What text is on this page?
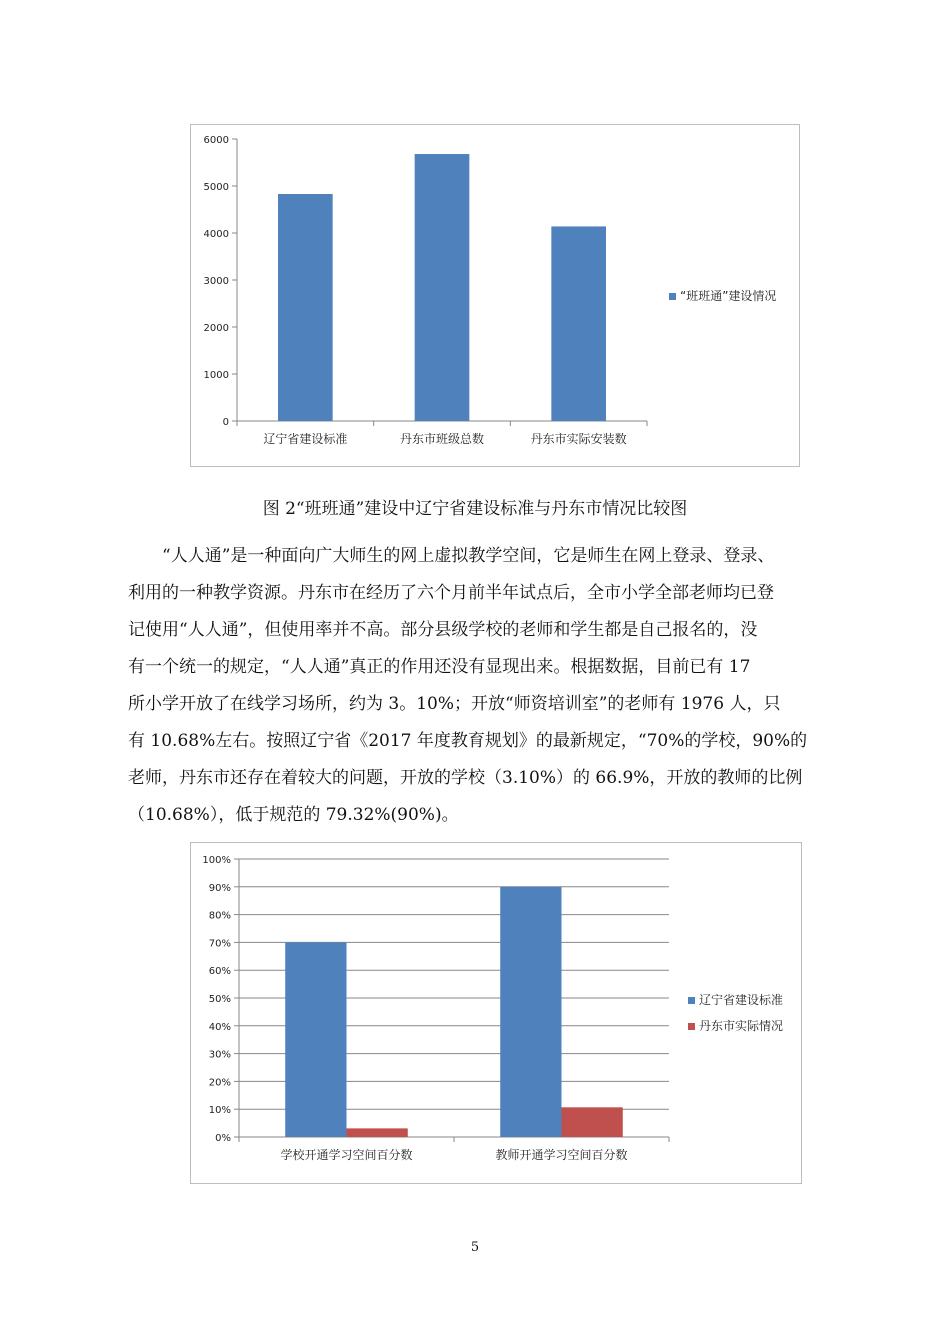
0
1000
2000
3000
4000
5000
6000
辽宁省建设标准	丹东市班级总数	丹东市实际安装数
“班班通”建设情况
图 2“班班通”建设中辽宁省建设标准与丹东市情况比较图
“人人通”是一种面向广大师生的网上虚拟教学空间，它是师生在网上登录、登录、
利用的一种教学资源。丹东市在经历了六个月前半年试点后，全市小学全部老师均已登
记使用“人人通”，但使用率并不高。部分县级学校的老师和学生都是自己报名的，没
有一个统一的规定，“人人通”真正的作用还没有显现出来。根据数据，目前已有 17
所小学开放了在线学习场所，约为 3。10%；开放“师资培训室”的老师有 1976 人，只
有 10.68%左右。按照辽宁省《2017 年度教育规划》的最新规定，“70%的学校，90%的
老师，丹东市还存在着较大的问题，开放的学校（3.10%）的 66.9%，开放的教师的比例
（10.68%），低于规范的 79.32%(90%)。
0%
10%
20%
30%
40%
50%
60%
70%
80%
90%
100%
学校开通学习空间百分数	教师开通学习空间百分数
辽宁省建设标准
丹东市实际情况
5
